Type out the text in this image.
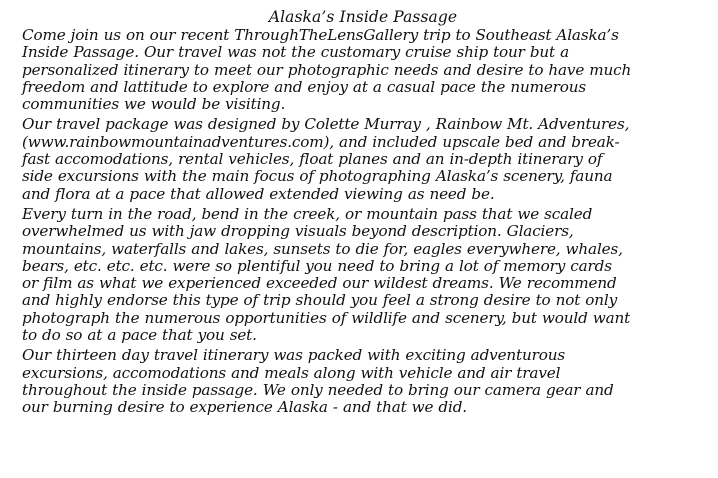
Alaska’s Inside Passage
Come join us on our recent ThroughTheLensGallery trip to Southeast Alaska’s
Inside Passage. Our travel was not the customary cruise ship tour but a
personalized itinerary to meet our photographic needs and desire to have much
freedom and lattitude to explore and enjoy at a casual pace the numerous
communities we would be visiting.
Our travel package was designed by Colette Murray , Rainbow Mt. Adventures,
(www.rainbowmountainadventures.com), and included upscale bed and break-
fast accomodations, rental vehicles, float planes and an in-depth itinerary of
side excursions with the main focus of photographing Alaska’s scenery, fauna
and flora at a pace that allowed extended viewing as need be.
Every turn in the road, bend in the creek, or mountain pass that we scaled
overwhelmed us with jaw dropping visuals beyond description. Glaciers,
mountains, waterfalls and lakes, sunsets to die for, eagles everywhere, whales,
bears, etc. etc. etc. were so plentiful you need to bring a lot of memory cards
or film as what we experienced exceeded our wildest dreams. We recommend
and highly endorse this type of trip should you feel a strong desire to not only
photograph the numerous opportunities of wildlife and scenery, but would want
to do so at a pace that you set.
Our thirteen day travel itinerary was packed with exciting adventurous
excursions, accomodations and meals along with vehicle and air travel
throughout the inside passage. We only needed to bring our camera gear and
our burning desire to experience Alaska - and that we did.
